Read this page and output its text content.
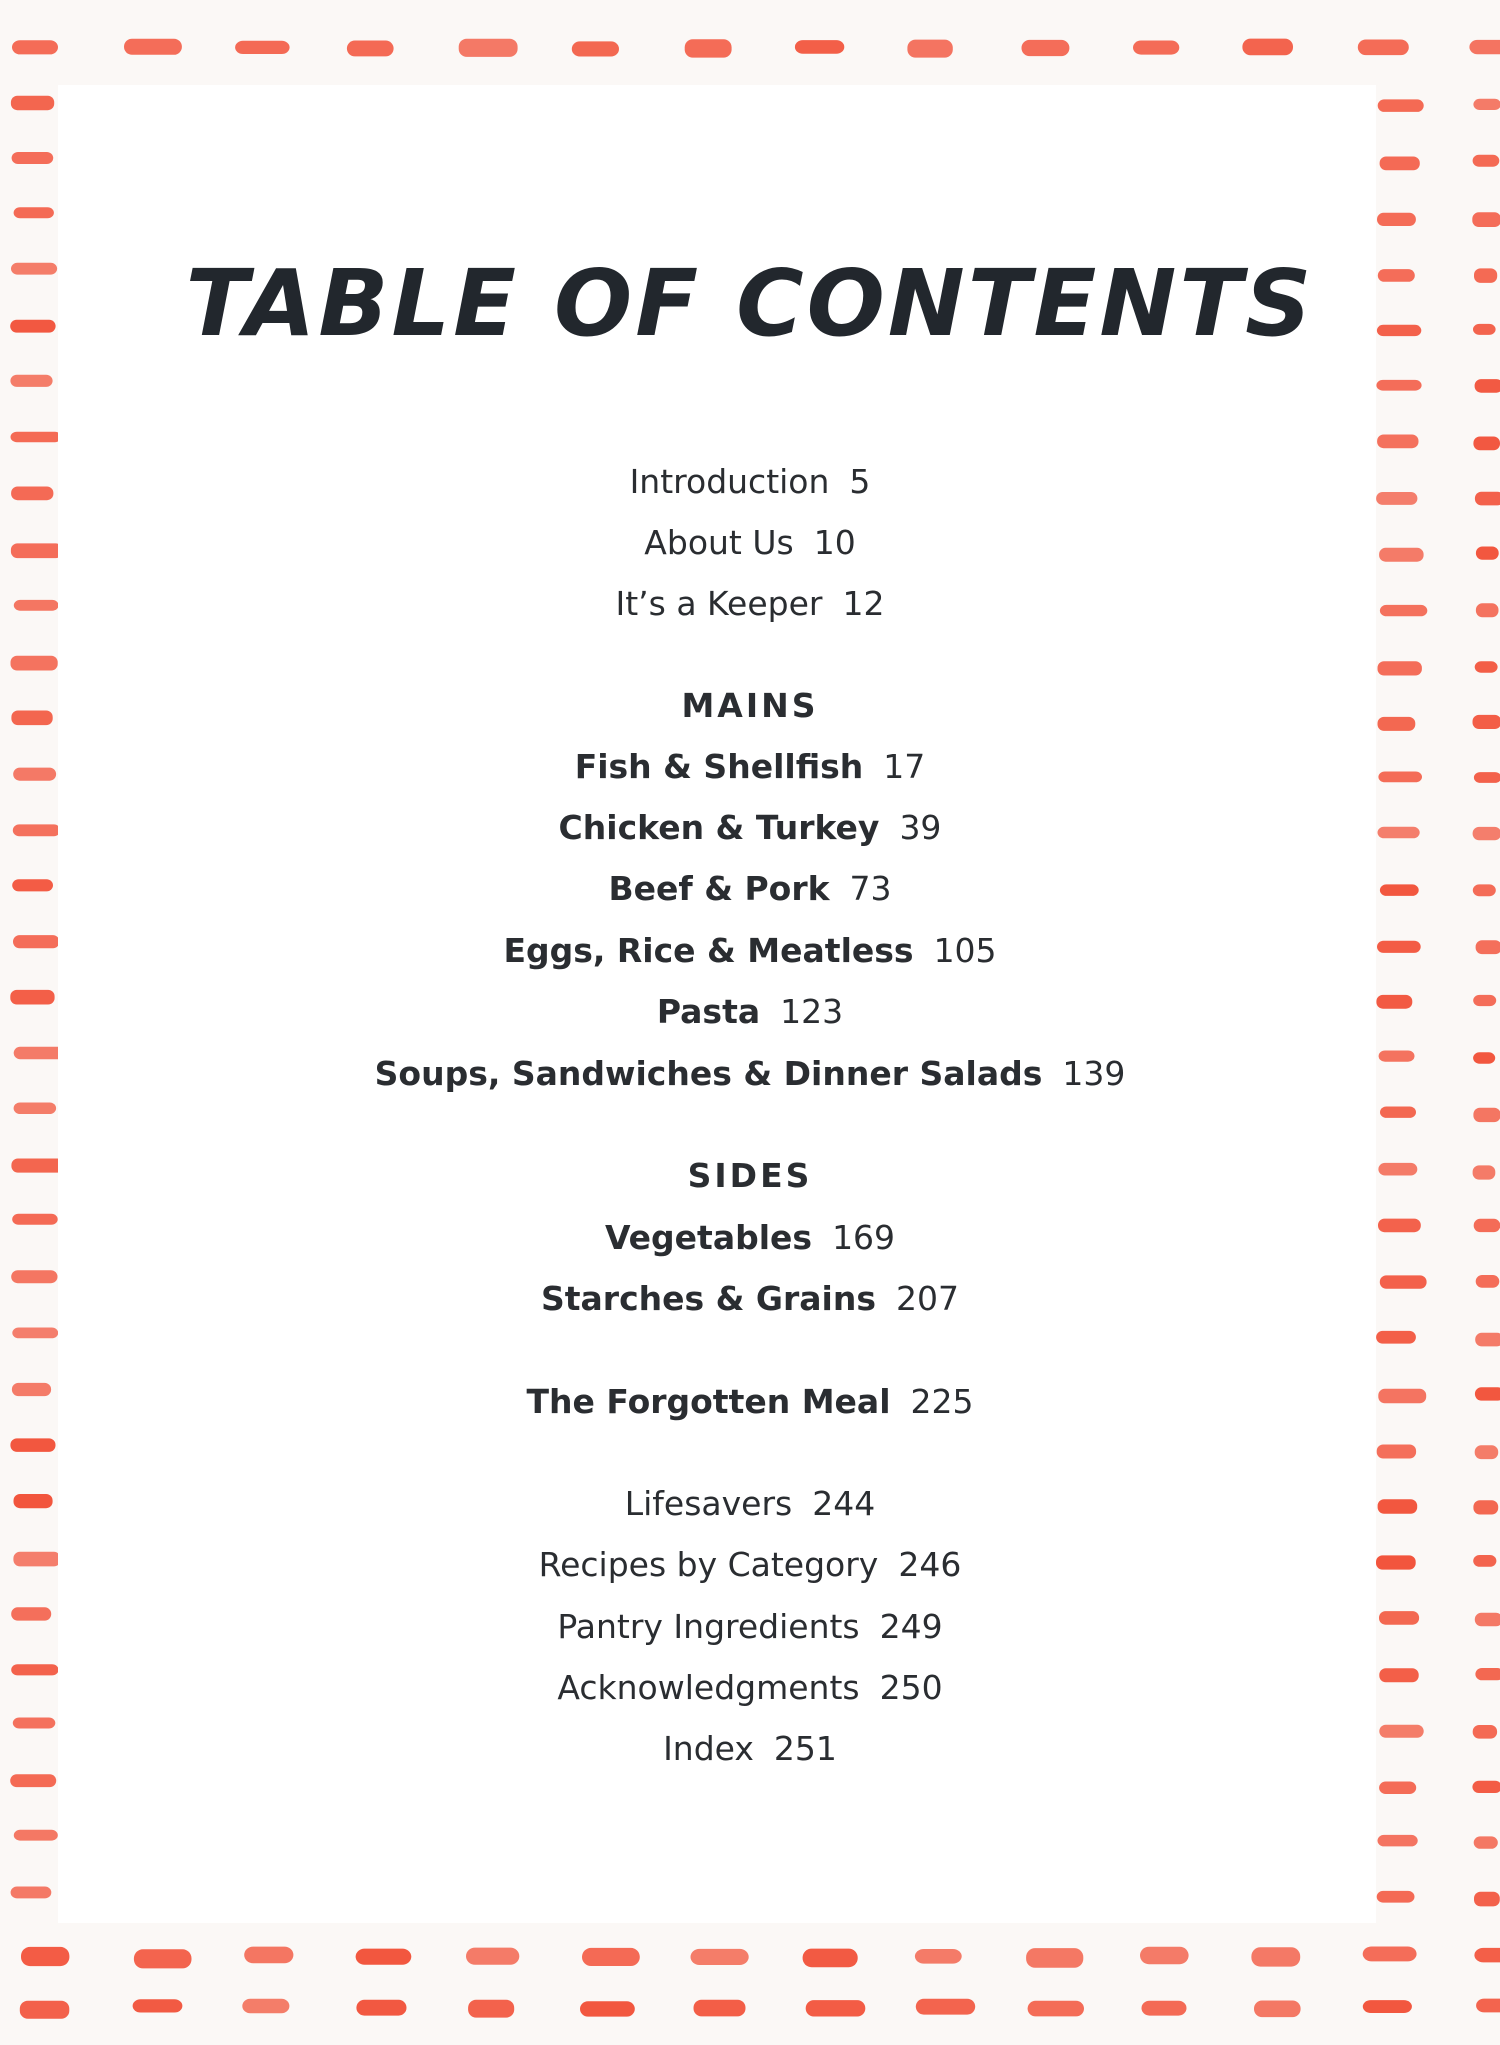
TABLE OF CONTENTS
Introduction 5
About Us 10
It’s a Keeper 12
MAINS
Fish & Shellfish 17
Chicken & Turkey 39
Beef & Pork 73
Eggs, Rice & Meatless 105
Pasta 123
Soups, Sandwiches & Dinner Salads 139
SIDES
Vegetables 169
Starches & Grains 207
The Forgotten Meal 225
Lifesavers 244
Recipes by Category 246
Pantry Ingredients 249
Acknowledgments 250
Index 251
